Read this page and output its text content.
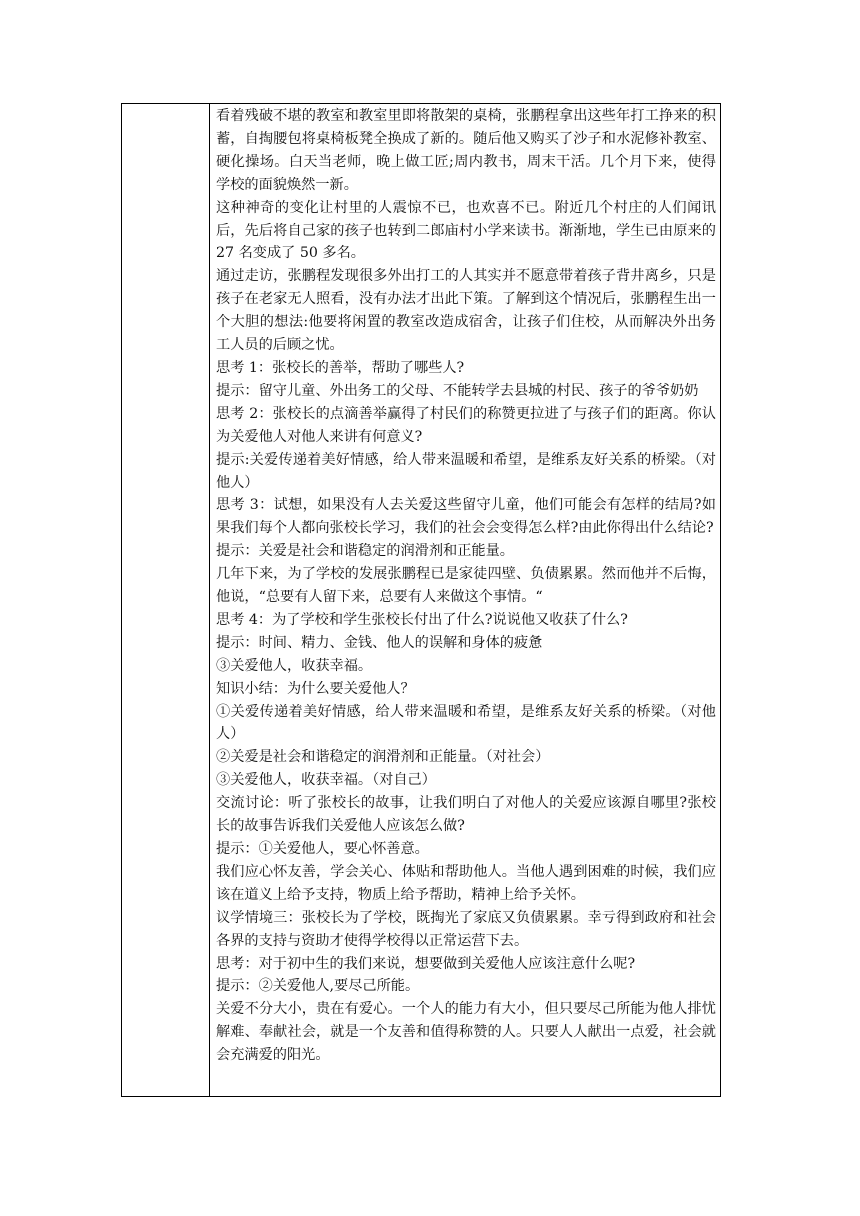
看着残破不堪的教室和教室里即将散架的桌椅，张鹏程拿出这些年打工挣来的积蓄，自掏腰包将桌椅板凳全换成了新的。随后他又购买了沙子和水泥修补教室、硬化操场。白天当老师，晚上做工匠;周内教书，周末干活。几个月下来，使得学校的面貌焕然一新。

这种神奇的变化让村里的人震惊不已，也欢喜不已。附近几个村庄的人们闻讯后，先后将自己家的孩子也转到二郎庙村小学来读书。渐渐地，学生已由原来的 27 名变成了 50 多名。

通过走访，张鹏程发现很多外出打工的人其实并不愿意带着孩子背井离乡，只是孩子在老家无人照看，没有办法才出此下策。了解到这个情况后，张鹏程生出一个大胆的想法:他要将闲置的教室改造成宿舍，让孩子们住校，从而解决外出务工人员的后顾之忧。

思考 1：张校长的善举，帮助了哪些人?

提示：留守儿童、外出务工的父母、不能转学去县城的村民、孩子的爷爷奶奶

思考 2：张校长的点滴善举赢得了村民们的称赞更拉进了与孩子们的距离。你认为关爱他人对他人来讲有何意义?

提示:关爱传递着美好情感，给人带来温暖和希望，是维系友好关系的桥梁。（对他人）

思考 3：试想，如果没有人去关爱这些留守儿童，他们可能会有怎样的结局?如果我们每个人都向张校长学习，我们的社会会变得怎么样?由此你得出什么结论?

提示：关爱是社会和谐稳定的润滑剂和正能量。

几年下来，为了学校的发展张鹏程已是家徒四壁、负债累累。然而他并不后悔，他说，“总要有人留下来，总要有人来做这个事情。“

思考 4：为了学校和学生张校长付出了什么?说说他又收获了什么?

提示：时间、精力、金钱、他人的误解和身体的疲惫

③关爱他人，收获幸福。

知识小结：为什么要关爱他人？

①关爱传递着美好情感，给人带来温暖和希望，是维系友好关系的桥梁。（对他人）

②关爱是社会和谐稳定的润滑剂和正能量。（对社会）

③关爱他人，收获幸福。（对自己）

交流讨论：听了张校长的故事，让我们明白了对他人的关爱应该源自哪里?张校长的故事告诉我们关爱他人应该怎么做?

提示：①关爱他人，要心怀善意。

我们应心怀友善，学会关心、体贴和帮助他人。当他人遇到困难的时候，我们应该在道义上给予支持，物质上给予帮助，精神上给予关怀。

议学情境三：张校长为了学校，既掏光了家底又负债累累。幸亏得到政府和社会各界的支持与资助才使得学校得以正常运营下去。

思考：对于初中生的我们来说，想要做到关爱他人应该注意什么呢?

提示：②关爱他人,要尽己所能。

关爱不分大小，贵在有爱心。一个人的能力有大小，但只要尽己所能为他人排忧解难、奉献社会，就是一个友善和值得称赞的人。只要人人献出一点爱，社会就会充满爱的阳光。
